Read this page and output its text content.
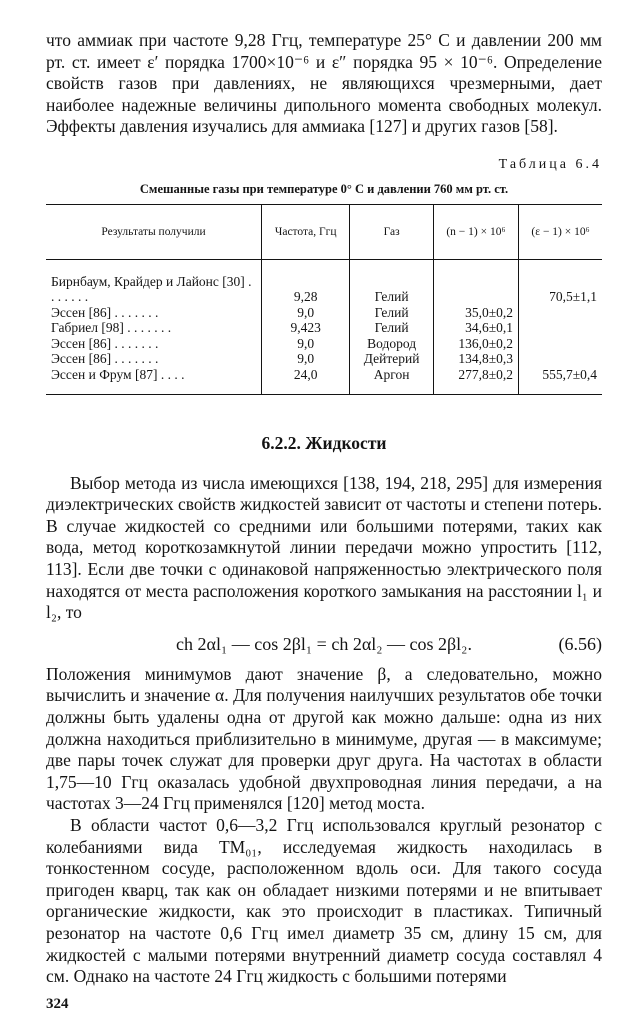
что аммиак при частоте 9,28 Ггц, температуре 25° С и давлении 200 мм рт. ст. имеет ε′ порядка 1700×10⁻⁶ и ε″ порядка 95 × 10⁻⁶. Определение свойств газов при давлениях, не являющихся чрезмерными, дает наиболее надежные величины дипольного момента свободных молекул. Эффекты давления изучались для аммиака [127] и других газов [58].

Таблица 6.4
Смешанные газы при температуре 0° С и давлении 760 мм рт. ст.
Результаты получили	Частота, Ггц	Газ	(n − 1) × 10⁶	(ε − 1) × 10⁶

Бирнбаум, Крайдер и Лайонс [30] . . . . . . .	9,28	Гелий		70,5±1,1
Эссен [86] . . . . . . .	9,0	Гелий	35,0±0,2	
Габриел [98] . . . . . . .	9,423	Гелий	34,6±0,1	
Эссен [86] . . . . . . .	9,0	Водород	136,0±0,2	
Эссен [86] . . . . . . .	9,0	Дейтерий	134,8±0,3	
Эссен и Фрум [87] . . . .	24,0	Аргон	277,8±0,2	555,7±0,4
6.2.2. Жидкости

Выбор метода из числа имеющихся [138, 194, 218, 295] для измерения диэлектрических свойств жидкостей зависит от частоты и степени потерь. В случае жидкостей со средними или большими потерями, таких как вода, метод короткозамкнутой линии передачи можно упростить [112, 113]. Если две точки с одинаковой напряженностью электрического поля находятся от места расположения короткого замыкания на расстоянии l₁ и l₂, то

ch 2αl₁ — cos 2βl₁ = ch 2αl₂ — cos 2βl₂.	(6.56)

Положения минимумов дают значение β, а следовательно, можно вычислить и значение α. Для получения наилучших результатов обе точки должны быть удалены одна от другой как можно дальше: одна из них должна находиться приблизительно в минимуме, другая — в максимуме; две пары точек служат для проверки друг друга. На частотах в области 1,75—10 Ггц оказалась удобной двухпроводная линия передачи, а на частотах 3—24 Ггц применялся [120] метод моста.

В области частот 0,6—3,2 Ггц использовался круглый резонатор с колебаниями вида TM₀₁, исследуемая жидкость находилась в тонкостенном сосуде, расположенном вдоль оси. Для такого сосуда пригоден кварц, так как он обладает низкими потерями и не впитывает органические жидкости, как это происходит в пластиках. Типичный резонатор на частоте 0,6 Ггц имел диаметр 35 см, длину 15 см, для жидкостей с малыми потерями внутренний диаметр сосуда составлял 4 см. Однако на частоте 24 Ггц жидкость с большими потерями

324
